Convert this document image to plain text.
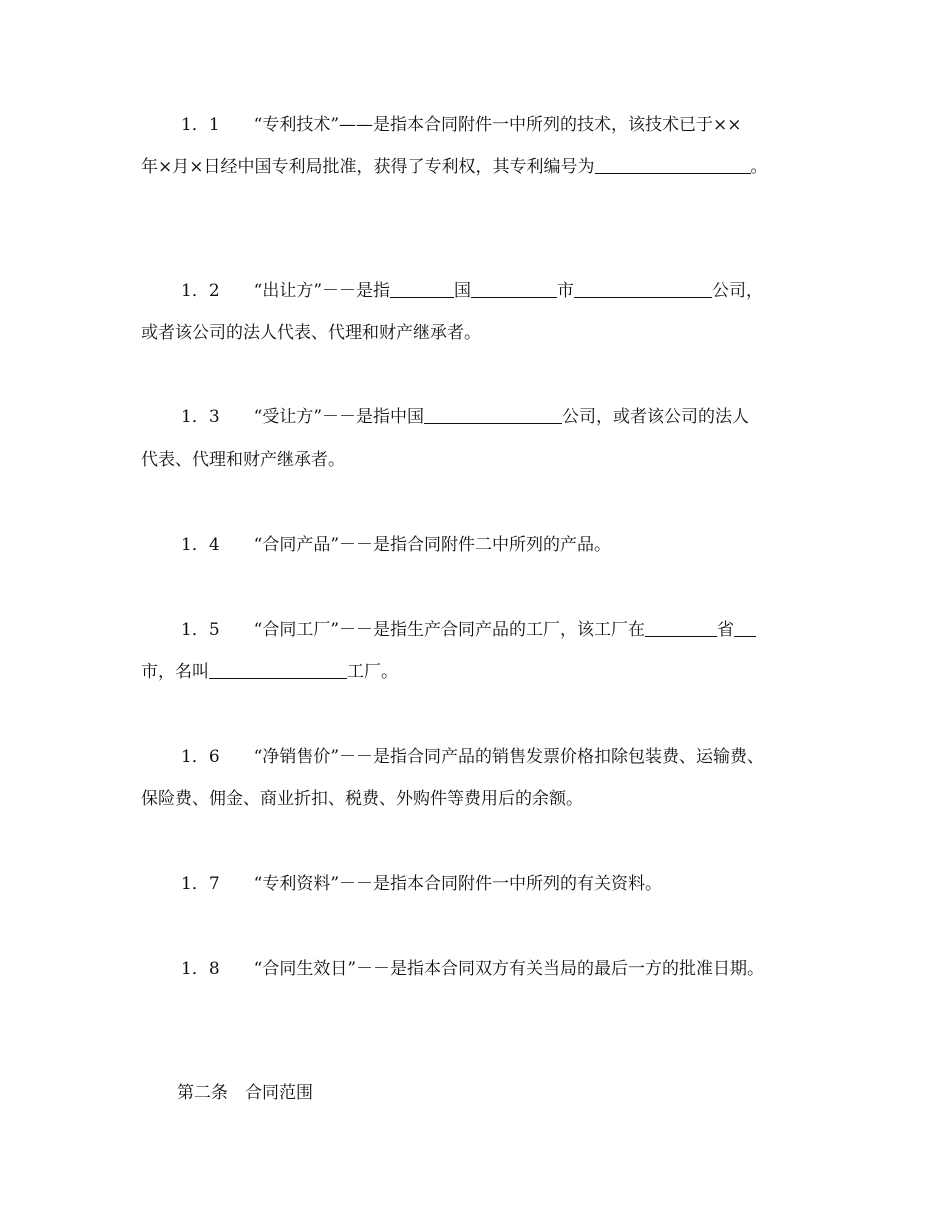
1．1 “专利技术”——是指本合同附件一中所列的技术，该技术已于××
年×月×日经中国专利局批准，获得了专利权，其专利编号为	。
1．2 “出让方”－－是指	国	市	公司，
或者该公司的法人代表、代理和财产继承者。
1．3 “受让方”－－是指中国	公司，或者该公司的法人
代表、代理和财产继承者。
1．4 “合同产品”－－是指合同附件二中所列的产品。
1．5 “合同工厂”－－是指生产合同产品的工厂，该工厂在	省
市，名叫	工厂。
1．6 “净销售价”－－是指合同产品的销售发票价格扣除包装费、运输费、
保险费、佣金、商业折扣、税费、外购件等费用后的余额。
1．7 “专利资料”－－是指本合同附件一中所列的有关资料。
1．8 “合同生效日”－－是指本合同双方有关当局的最后一方的批准日期。
第二条　合同范围
